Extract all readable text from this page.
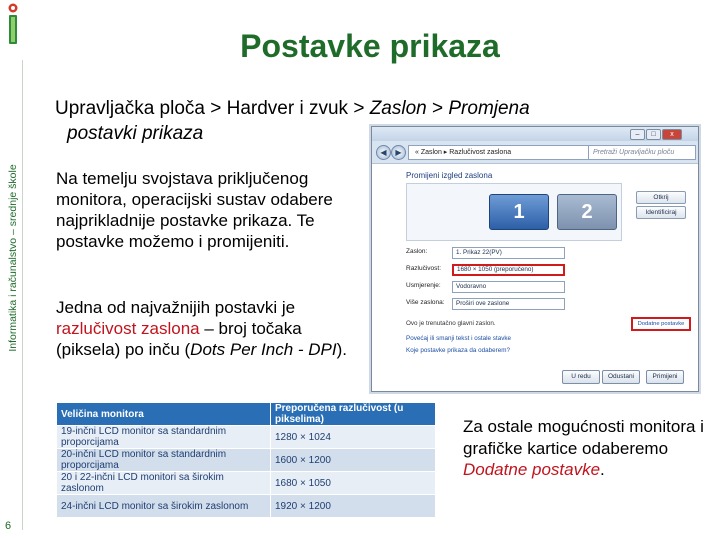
Informatika i računalstvo – srednje škole
6
Postavke prikaza
Upravljačka ploča > Hardver i zvuk > Zaslon > Promjena
postavki prikaza
Na temelju svojstava priključenog monitora, operacijski sustav odabere najprikladnije postavke prikaza. Te postavke možemo i promijeniti.
Jedna od najvažnijih postavki je razlučivost zaslona – broj točaka (piksela) po inču (Dots Per Inch - DPI).
Za ostale mogućnosti monitora i grafičke kartice odaberemo Dodatne postavke.
–	□	x
◀	▶	« Zaslon ▸ Razlučivost zaslona	Pretraži Upravljačku ploču
Promijeni izgled zaslona
1	2
Otkrij
Identificiraj
Zaslon:	1. Prikaz 22(PV)
Razlučivost:	1680 × 1050 (preporučeno)
Usmjerenje:	Vodoravno
Više zaslona:	Proširi ove zaslone
Ovo je trenutačno glavni zaslon.	Dodatne postavke
Povećaj ili smanji tekst i ostale stavke
Koje postavke prikaza da odaberem?
U redu	Odustani	Primijeni
Veličina monitora	Preporučena razlučivost (u pikselima)
19-inčni LCD monitor sa standardnim proporcijama	1280 × 1024
20-inčni LCD monitor sa standardnim proporcijama	1600 × 1200
20 i 22-inčni LCD monitori sa širokim zaslonom	1680 × 1050
24-inčni LCD monitor sa širokim zaslonom	1920 × 1200
